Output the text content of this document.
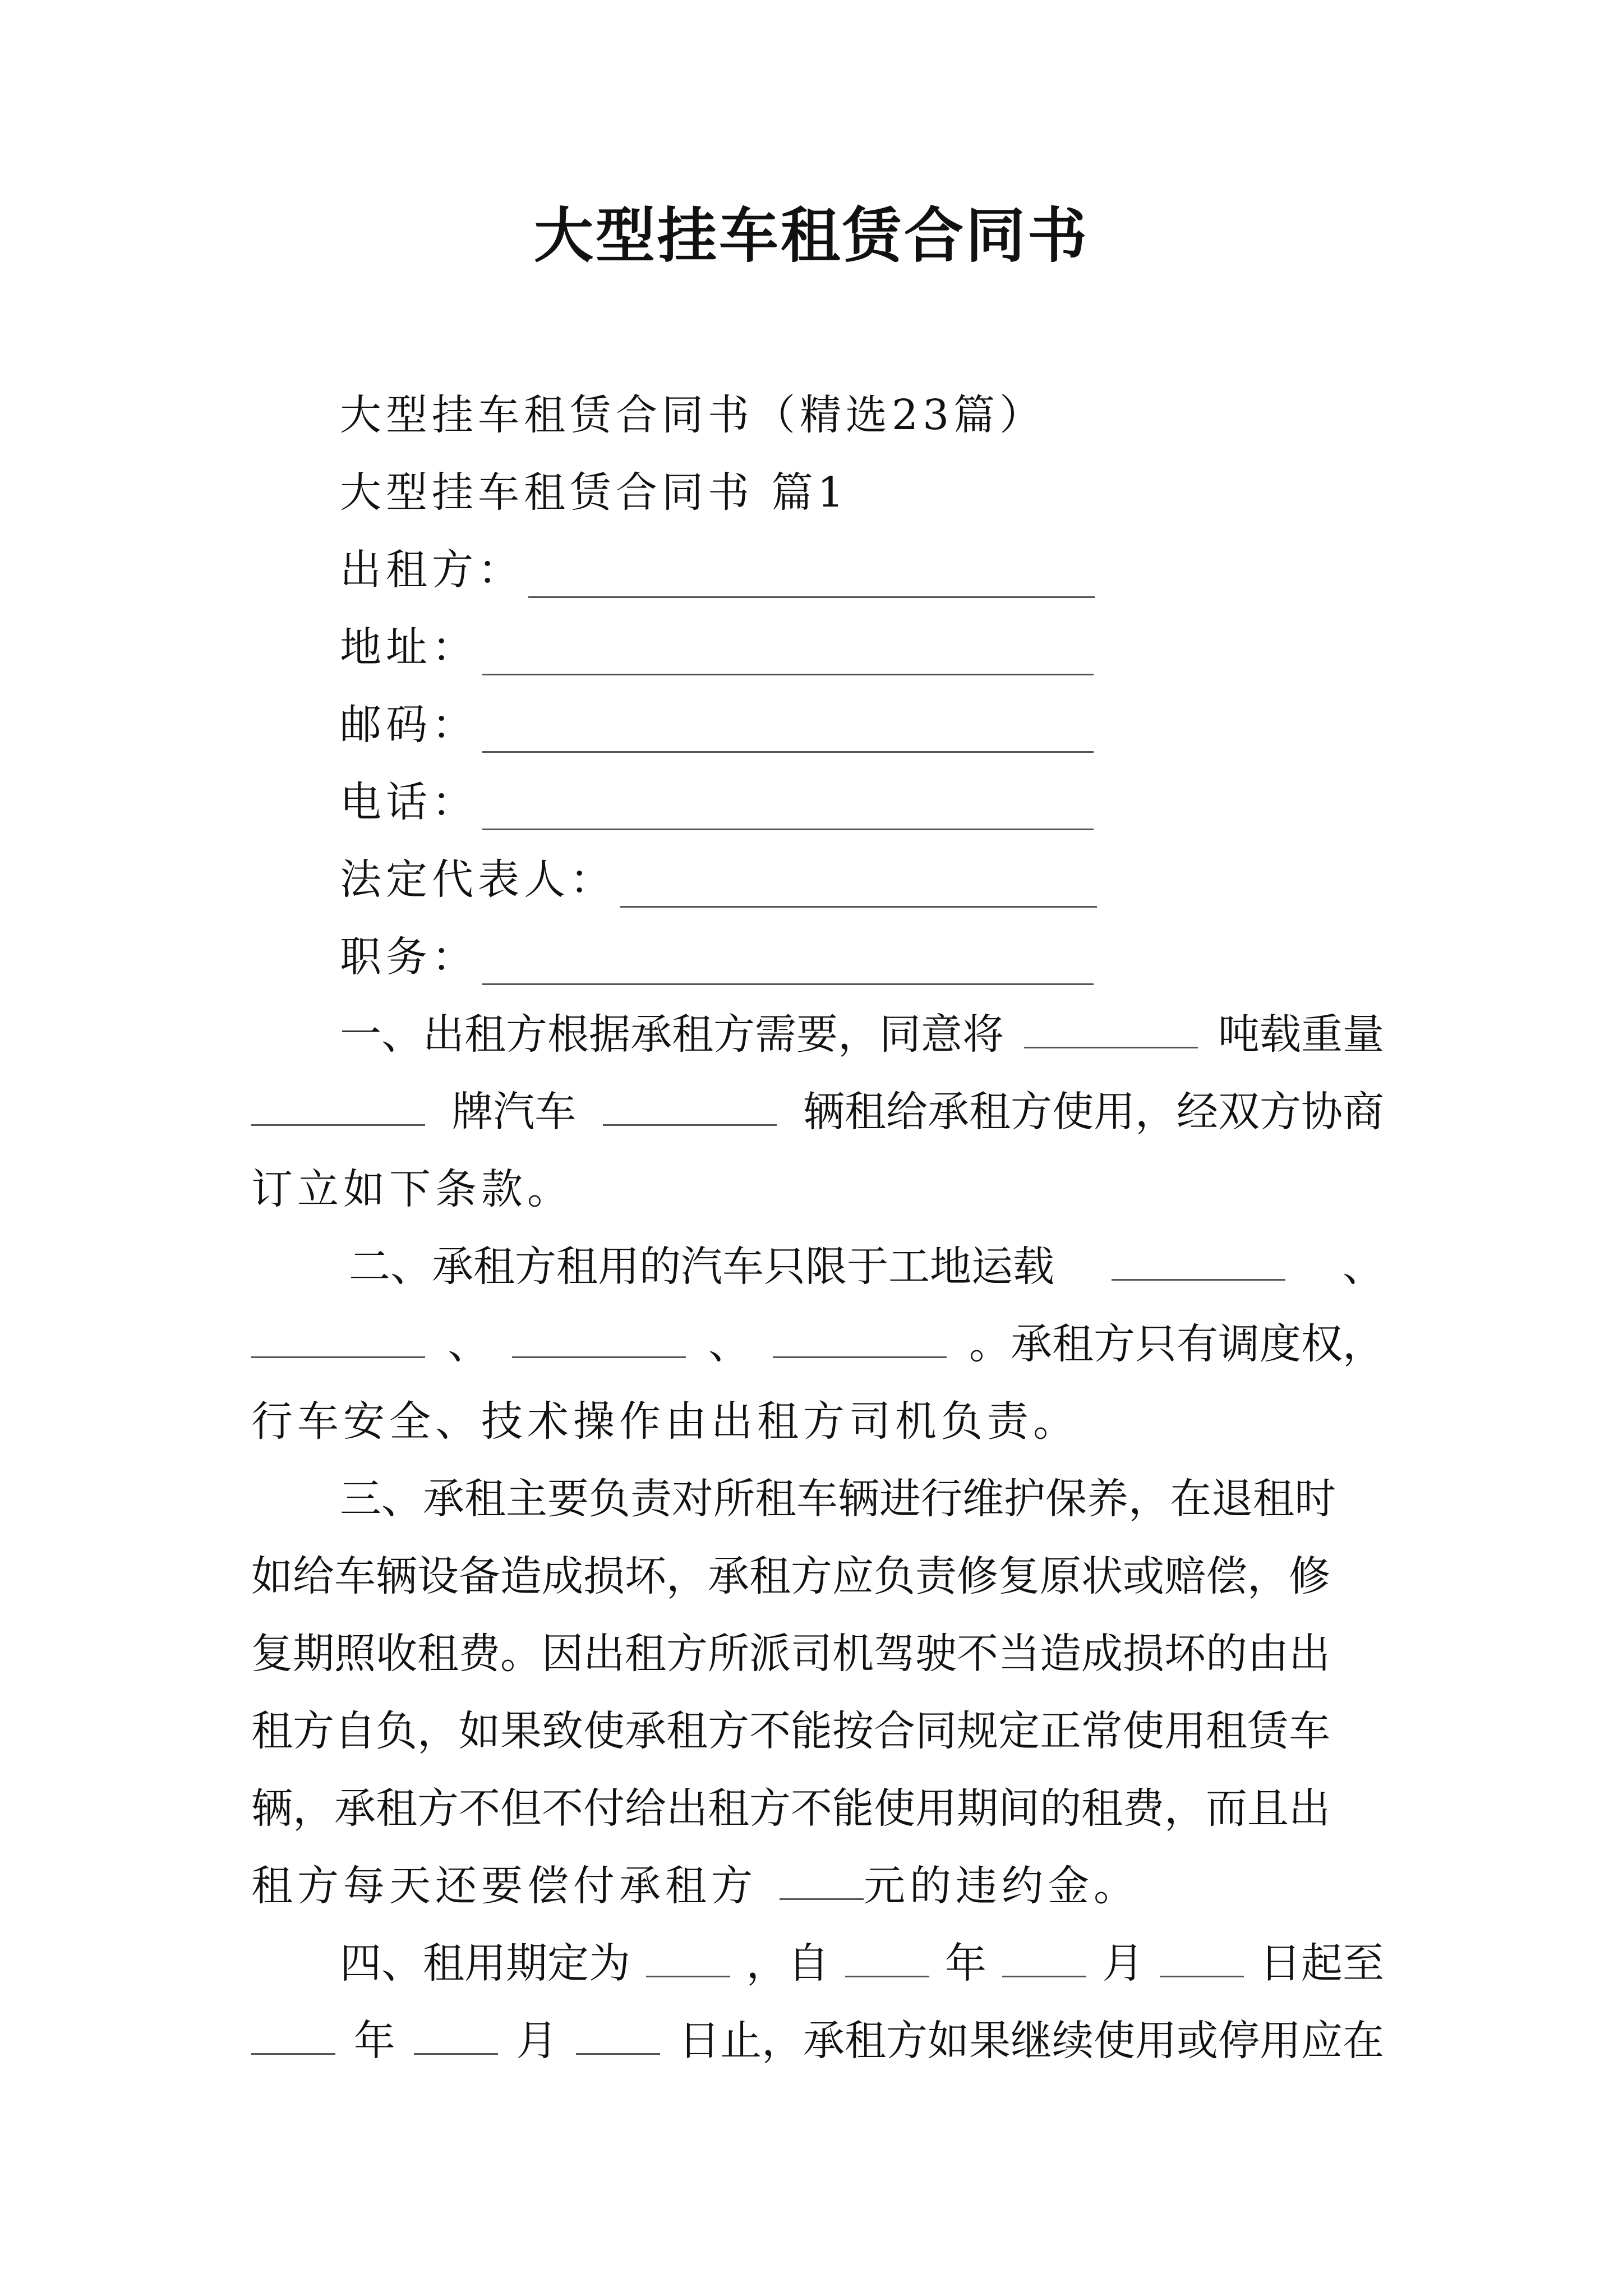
大型挂车租赁合同书
大型挂车租赁合同书（精选23篇）
大型挂车租赁合同书 篇1
出租方：
地址：
邮码：
电话：
法定代表人：
职务：
一、出租方根据承租方需要，同意将	吨载重量
牌汽车	辆租给承租方使用，经双方协商
订立如下条款。
二、承租方租用的汽车只限于工地运载	、
、	、	。承租方只有调度权，
行车安全、技术操作由出租方司机负责。
三、承租主要负责对所租车辆进行维护保养，在退租时
如给车辆设备造成损坏，承租方应负责修复原状或赔偿，修
复期照收租费。因出租方所派司机驾驶不当造成损坏的由出
租方自负，如果致使承租方不能按合同规定正常使用租赁车
辆，承租方不但不付给出租方不能使用期间的租费，而且出
租方每天还要偿付承租方	元的违约金。
四、租用期定为	，自	年	月	日起至
年	月	日止，承租方如果继续使用或停用应在
